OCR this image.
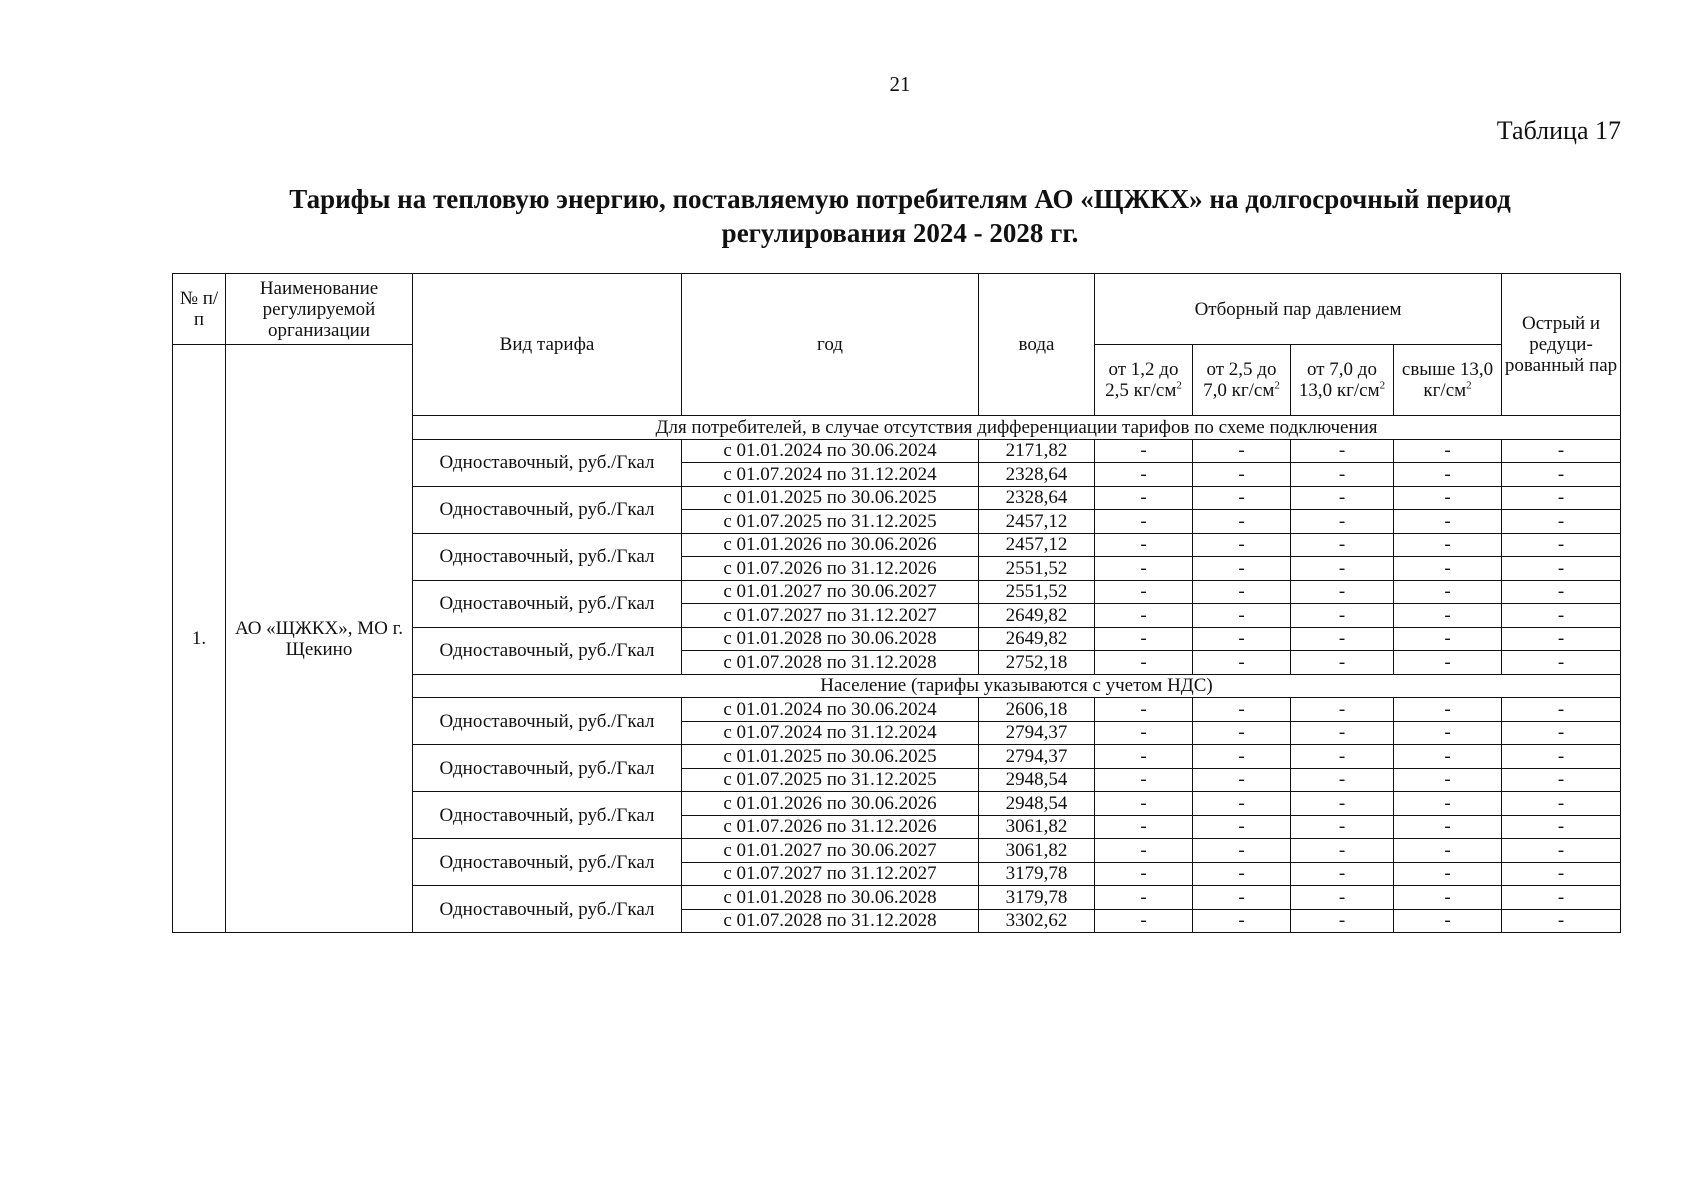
21
Таблица 17
Тарифы на тепловую энергию, поставляемую потребителям АО «ЩЖКХ» на долгосрочный период
регулирования 2024 - 2028 гг.
№ п/п	Наименование регулируемой организации	Вид тарифа	год	вода	Отборный пар давлением				Острый и редуци-рованный пар
1.	АО «ЩЖКХ», МО г. Щекино				от 1,2 до 2,5 $кг/см^2$	от 2,5 до 7,0 $кг/см^2$	от 7,0 до 13,0 $кг/см^2$	свыше 13,0 $кг/см^2$
		Для потребителей, в случае отсутствия дифференциации тарифов по схеме подключения							
		Одноставочный, руб./Гкал	с 01.01.2024 по 30.06.2024	2171,82	-	-	-	-	-
			с 01.07.2024 по 31.12.2024	2328,64	-	-	-	-	-
		Одноставочный, руб./Гкал	с 01.01.2025 по 30.06.2025	2328,64	-	-	-	-	-
			с 01.07.2025 по 31.12.2025	2457,12	-	-	-	-	-
		Одноставочный, руб./Гкал	с 01.01.2026 по 30.06.2026	2457,12	-	-	-	-	-
			с 01.07.2026 по 31.12.2026	2551,52	-	-	-	-	-
		Одноставочный, руб./Гкал	с 01.01.2027 по 30.06.2027	2551,52	-	-	-	-	-
			с 01.07.2027 по 31.12.2027	2649,82	-	-	-	-	-
		Одноставочный, руб./Гкал	с 01.01.2028 по 30.06.2028	2649,82	-	-	-	-	-
			с 01.07.2028 по 31.12.2028	2752,18	-	-	-	-	-
		Население (тарифы указываются с учетом НДС)							
		Одноставочный, руб./Гкал	с 01.01.2024 по 30.06.2024	2606,18	-	-	-	-	-
			с 01.07.2024 по 31.12.2024	2794,37	-	-	-	-	-
		Одноставочный, руб./Гкал	с 01.01.2025 по 30.06.2025	2794,37	-	-	-	-	-
			с 01.07.2025 по 31.12.2025	2948,54	-	-	-	-	-
		Одноставочный, руб./Гкал	с 01.01.2026 по 30.06.2026	2948,54	-	-	-	-	-
			с 01.07.2026 по 31.12.2026	3061,82	-	-	-	-	-
		Одноставочный, руб./Гкал	с 01.01.2027 по 30.06.2027	3061,82	-	-	-	-	-
			с 01.07.2027 по 31.12.2027	3179,78	-	-	-	-	-
		Одноставочный, руб./Гкал	с 01.01.2028 по 30.06.2028	3179,78	-	-	-	-	-
			с 01.07.2028 по 31.12.2028	3302,62	-	-	-	-	-
